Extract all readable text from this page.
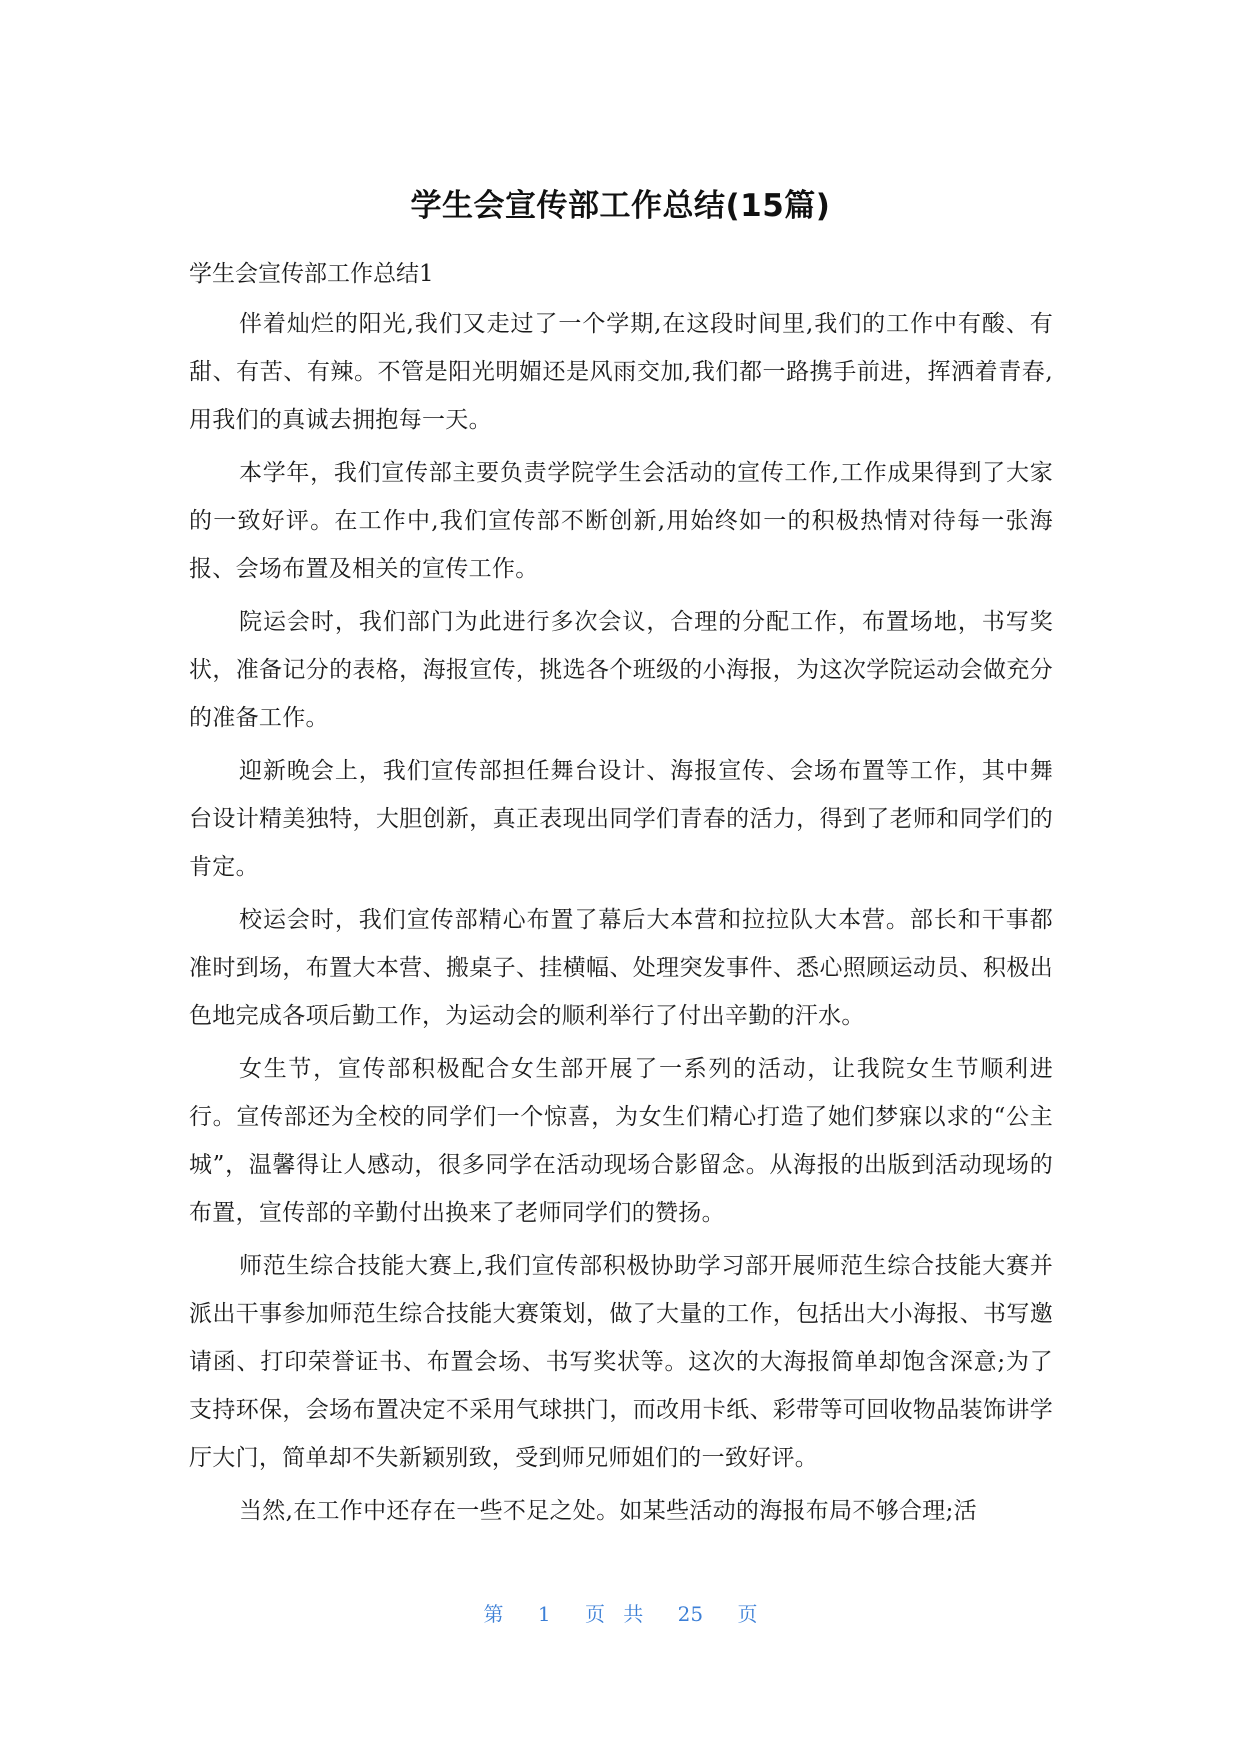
学生会宣传部工作总结(15篇)
学生会宣传部工作总结1

伴着灿烂的阳光,我们又走过了一个学期,在这段时间里,我们的工作中有酸、有甜、有苦、有辣。不管是阳光明媚还是风雨交加,我们都一路携手前进，挥洒着青春,用我们的真诚去拥抱每一天。

本学年，我们宣传部主要负责学院学生会活动的宣传工作,工作成果得到了大家的一致好评。在工作中,我们宣传部不断创新,用始终如一的积极热情对待每一张海报、会场布置及相关的宣传工作。

院运会时，我们部门为此进行多次会议，合理的分配工作，布置场地，书写奖状，准备记分的表格，海报宣传，挑选各个班级的小海报，为这次学院运动会做充分的准备工作。

迎新晚会上，我们宣传部担任舞台设计、海报宣传、会场布置等工作，其中舞台设计精美独特，大胆创新，真正表现出同学们青春的活力，得到了老师和同学们的肯定。

校运会时，我们宣传部精心布置了幕后大本营和拉拉队大本营。部长和干事都准时到场，布置大本营、搬桌子、挂横幅、处理突发事件、悉心照顾运动员、积极出色地完成各项后勤工作，为运动会的顺利举行了付出辛勤的汗水。

女生节，宣传部积极配合女生部开展了一系列的活动，让我院女生节顺利进行。宣传部还为全校的同学们一个惊喜，为女生们精心打造了她们梦寐以求的“公主城”，温馨得让人感动，很多同学在活动现场合影留念。从海报的出版到活动现场的布置，宣传部的辛勤付出换来了老师同学们的赞扬。

师范生综合技能大赛上,我们宣传部积极协助学习部开展师范生综合技能大赛并派出干事参加师范生综合技能大赛策划，做了大量的工作，包括出大小海报、书写邀请函、打印荣誉证书、布置会场、书写奖状等。这次的大海报简单却饱含深意;为了支持环保，会场布置决定不采用气球拱门，而改用卡纸、彩带等可回收物品装饰讲学厅大门，简单却不失新颖别致，受到师兄师姐们的一致好评。

当然,在工作中还存在一些不足之处。如某些活动的海报布局不够合理;活

第 1 页 共 25 页
